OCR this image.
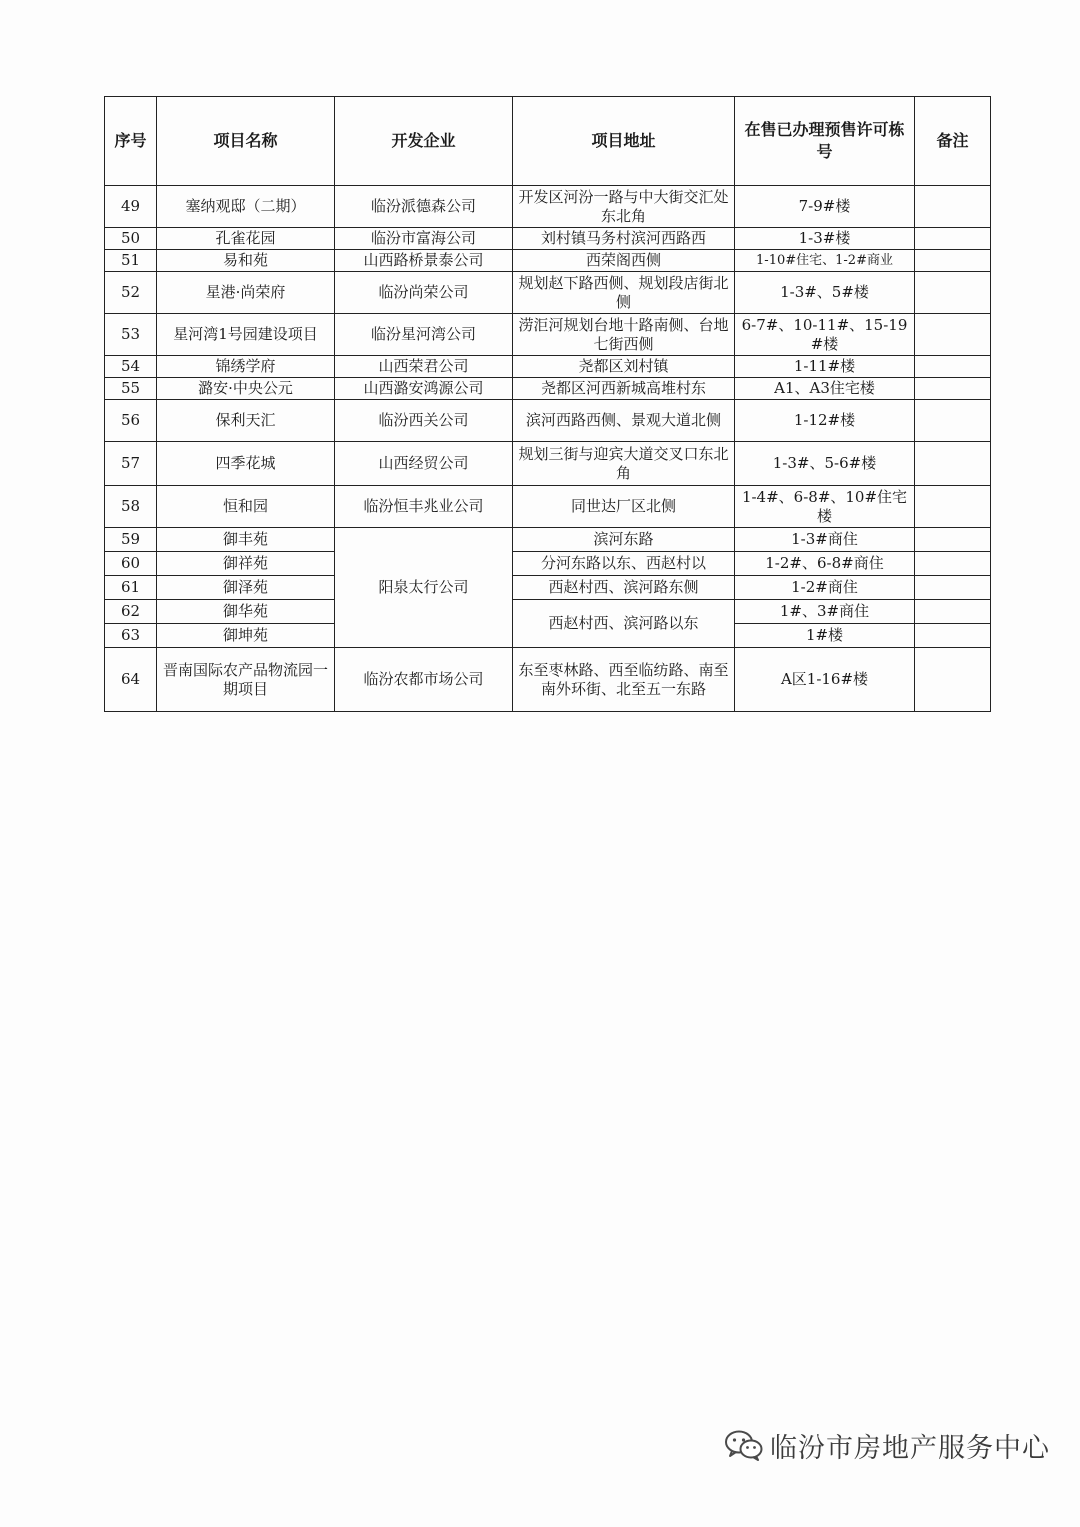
序号	项目名称	开发企业	项目地址	在售已办理预售许可栋号	备注
49	塞纳观邸（二期）	临汾派德森公司	开发区河汾一路与中大街交汇处东北角	7-9#楼	
50	孔雀花园	临汾市富海公司	刘村镇马务村滨河西路西	1-3#楼	
51	易和苑	山西路桥景泰公司	西荣阁西侧	1-10#住宅、1-2#商业	
52	星港·尚荣府	临汾尚荣公司	规划赵下路西侧、规划段店街北侧	1-3#、5#楼	
53	星河湾1号园建设项目	临汾星河湾公司	涝洰河规划台地十路南侧、台地七街西侧	6-7#、10-11#、15-19#楼	
54	锦绣学府	山西荣君公司	尧都区刘村镇	1-11#楼	
55	潞安·中央公元	山西潞安鸿源公司	尧都区河西新城高堆村东	A1、A3住宅楼	
56	保利天汇	临汾西关公司	滨河西路西侧、景观大道北侧	1-12#楼	
57	四季花城	山西经贸公司	规划三街与迎宾大道交叉口东北角	1-3#、5-6#楼	
58	恒和园	临汾恒丰兆业公司	同世达厂区北侧	1-4#、6-8#、10#住宅楼	
59	御丰苑	阳泉太行公司	滨河东路	1-3#商住	
60	御祥苑		分河东路以东、西赵村以	1-2#、6-8#商住	
61	御泽苑		西赵村西、滨河路东侧	1-2#商住	
62	御华苑		西赵村西、滨河路以东	1#、3#商住	
63	御坤苑			1#楼	
64	晋南国际农产品物流园一期项目	临汾农都市场公司	东至枣林路、西至临纺路、南至南外环街、北至五一东路	A区1-16#楼	
临汾市房地产服务中心
